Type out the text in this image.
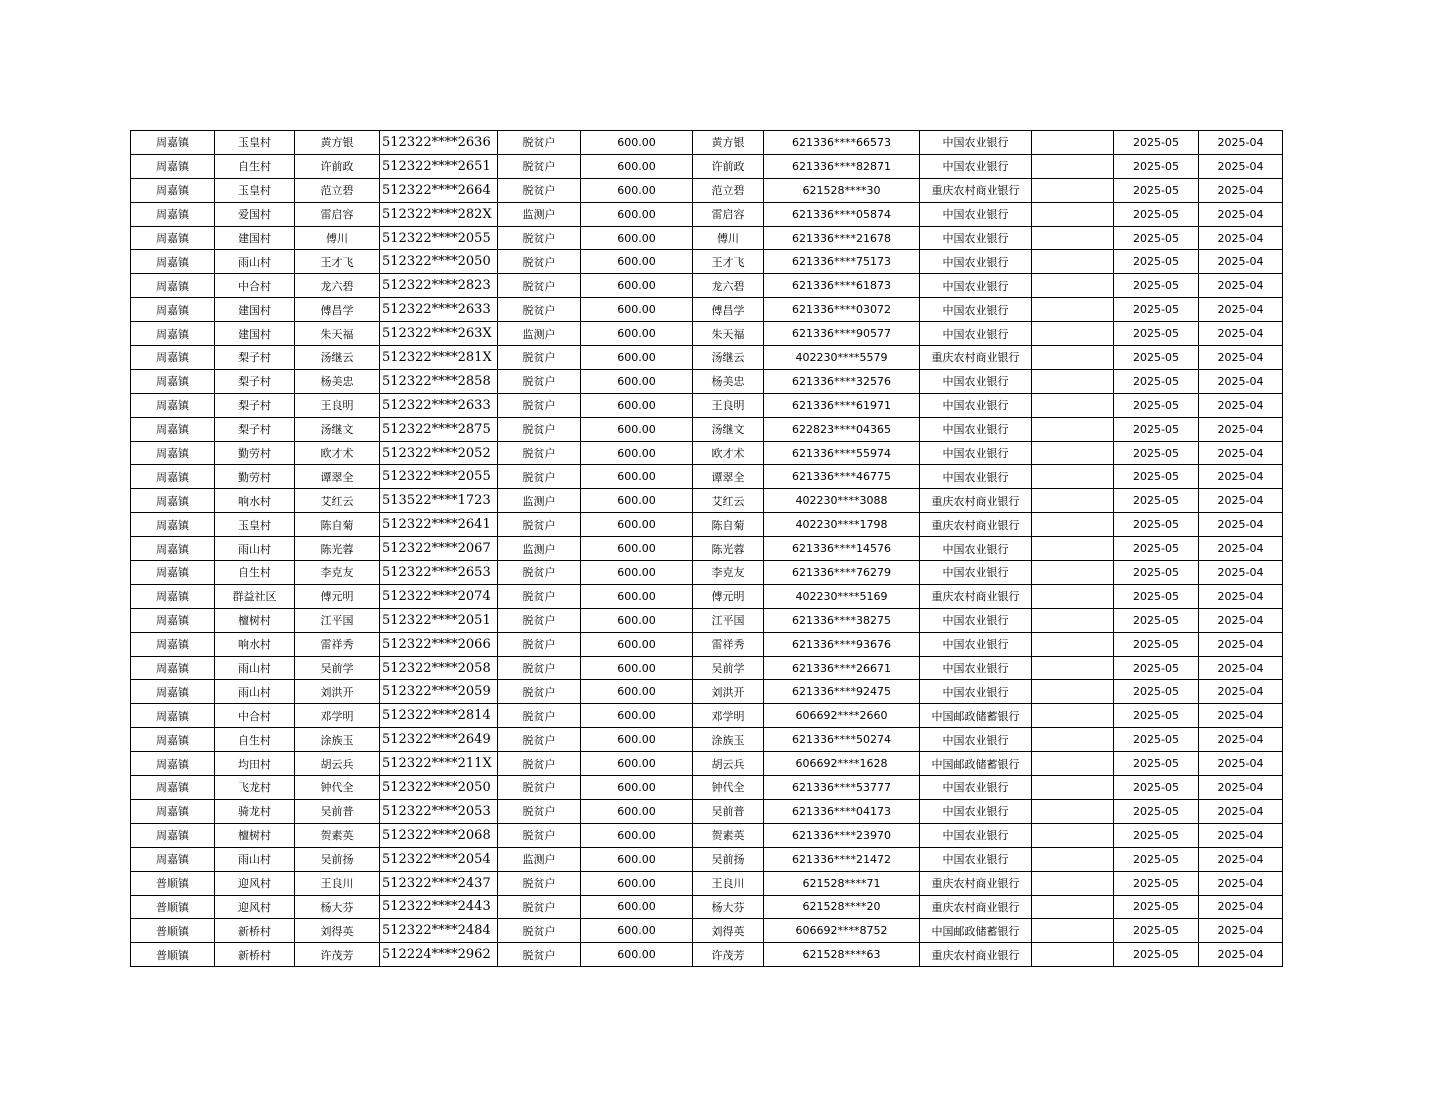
周嘉镇	玉皇村	黄方银	512322****2636	脱贫户	600.00	黄方银	621336****66573	中国农业银行		2025-05	2025-04
周嘉镇	自生村	许前政	512322****2651	脱贫户	600.00	许前政	621336****82871	中国农业银行		2025-05	2025-04
周嘉镇	玉皇村	范立碧	512322****2664	脱贫户	600.00	范立碧	621528****30	重庆农村商业银行		2025-05	2025-04
周嘉镇	爱国村	雷启容	512322****282X	监测户	600.00	雷启容	621336****05874	中国农业银行		2025-05	2025-04
周嘉镇	建国村	傅川	512322****2055	脱贫户	600.00	傅川	621336****21678	中国农业银行		2025-05	2025-04
周嘉镇	雨山村	王才飞	512322****2050	脱贫户	600.00	王才飞	621336****75173	中国农业银行		2025-05	2025-04
周嘉镇	中合村	龙六碧	512322****2823	脱贫户	600.00	龙六碧	621336****61873	中国农业银行		2025-05	2025-04
周嘉镇	建国村	傅昌学	512322****2633	脱贫户	600.00	傅昌学	621336****03072	中国农业银行		2025-05	2025-04
周嘉镇	建国村	朱天福	512322****263X	监测户	600.00	朱天福	621336****90577	中国农业银行		2025-05	2025-04
周嘉镇	梨子村	汤继云	512322****281X	脱贫户	600.00	汤继云	402230****5579	重庆农村商业银行		2025-05	2025-04
周嘉镇	梨子村	杨美忠	512322****2858	脱贫户	600.00	杨美忠	621336****32576	中国农业银行		2025-05	2025-04
周嘉镇	梨子村	王良明	512322****2633	脱贫户	600.00	王良明	621336****61971	中国农业银行		2025-05	2025-04
周嘉镇	梨子村	汤继文	512322****2875	脱贫户	600.00	汤继文	622823****04365	中国农业银行		2025-05	2025-04
周嘉镇	勤劳村	欧才术	512322****2052	脱贫户	600.00	欧才术	621336****55974	中国农业银行		2025-05	2025-04
周嘉镇	勤劳村	谭翠全	512322****2055	脱贫户	600.00	谭翠全	621336****46775	中国农业银行		2025-05	2025-04
周嘉镇	响水村	艾红云	513522****1723	监测户	600.00	艾红云	402230****3088	重庆农村商业银行		2025-05	2025-04
周嘉镇	玉皇村	陈自菊	512322****2641	脱贫户	600.00	陈自菊	402230****1798	重庆农村商业银行		2025-05	2025-04
周嘉镇	雨山村	陈光蓉	512322****2067	监测户	600.00	陈光蓉	621336****14576	中国农业银行		2025-05	2025-04
周嘉镇	自生村	李克友	512322****2653	脱贫户	600.00	李克友	621336****76279	中国农业银行		2025-05	2025-04
周嘉镇	群益社区	傅元明	512322****2074	脱贫户	600.00	傅元明	402230****5169	重庆农村商业银行		2025-05	2025-04
周嘉镇	檀树村	江平国	512322****2051	脱贫户	600.00	江平国	621336****38275	中国农业银行		2025-05	2025-04
周嘉镇	响水村	雷祥秀	512322****2066	脱贫户	600.00	雷祥秀	621336****93676	中国农业银行		2025-05	2025-04
周嘉镇	雨山村	吴前学	512322****2058	脱贫户	600.00	吴前学	621336****26671	中国农业银行		2025-05	2025-04
周嘉镇	雨山村	刘洪开	512322****2059	脱贫户	600.00	刘洪开	621336****92475	中国农业银行		2025-05	2025-04
周嘉镇	中合村	邓学明	512322****2814	脱贫户	600.00	邓学明	606692****2660	中国邮政储蓄银行		2025-05	2025-04
周嘉镇	自生村	涂族玉	512322****2649	脱贫户	600.00	涂族玉	621336****50274	中国农业银行		2025-05	2025-04
周嘉镇	均田村	胡云兵	512322****211X	脱贫户	600.00	胡云兵	606692****1628	中国邮政储蓄银行		2025-05	2025-04
周嘉镇	飞龙村	钟代全	512322****2050	脱贫户	600.00	钟代全	621336****53777	中国农业银行		2025-05	2025-04
周嘉镇	骑龙村	吴前普	512322****2053	脱贫户	600.00	吴前普	621336****04173	中国农业银行		2025-05	2025-04
周嘉镇	檀树村	贺素英	512322****2068	脱贫户	600.00	贺素英	621336****23970	中国农业银行		2025-05	2025-04
周嘉镇	雨山村	吴前扬	512322****2054	监测户	600.00	吴前扬	621336****21472	中国农业银行		2025-05	2025-04
普顺镇	迎风村	王良川	512322****2437	脱贫户	600.00	王良川	621528****71	重庆农村商业银行		2025-05	2025-04
普顺镇	迎风村	杨大芬	512322****2443	脱贫户	600.00	杨大芬	621528****20	重庆农村商业银行		2025-05	2025-04
普顺镇	新桥村	刘得英	512322****2484	脱贫户	600.00	刘得英	606692****8752	中国邮政储蓄银行		2025-05	2025-04
普顺镇	新桥村	许茂芳	512224****2962	脱贫户	600.00	许茂芳	621528****63	重庆农村商业银行		2025-05	2025-04
